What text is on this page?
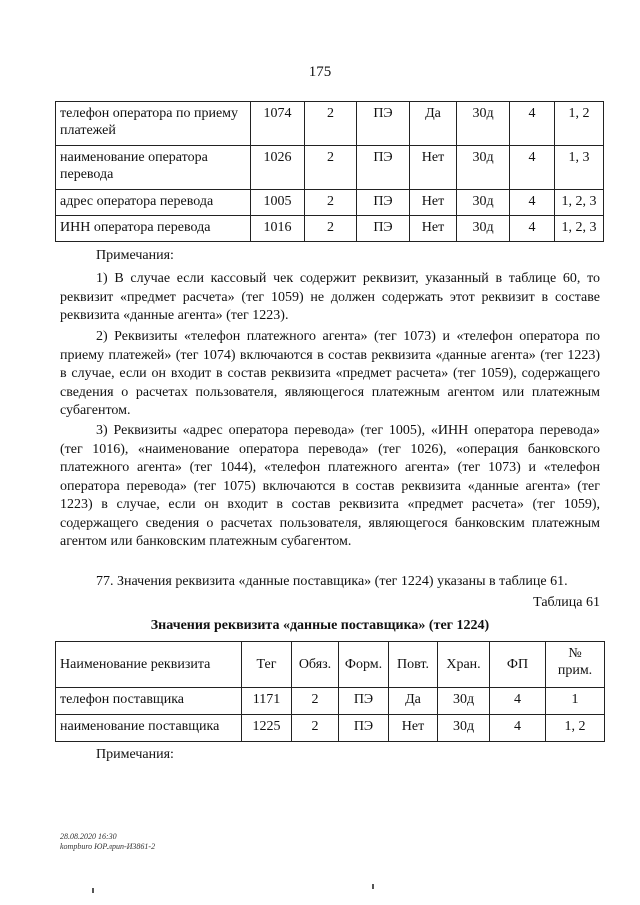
175
телефон оператора по приему платежей	1074	2	ПЭ	Да	30д	4	1, 2
наименование оператора перевода	1026	2	ПЭ	Нет	30д	4	1, 3
адрес оператора перевода	1005	2	ПЭ	Нет	30д	4	1, 2, 3
ИНН оператора перевода	1016	2	ПЭ	Нет	30д	4	1, 2, 3
Примечания:
1) В случае если кассовый чек содержит реквизит, указанный в таблице 60, то реквизит «предмет расчета» (тег 1059) не должен содержать этот реквизит в составе реквизита «данные агента» (тег 1223).
2) Реквизиты «телефон платежного агента» (тег 1073) и «телефон оператора по приему платежей» (тег 1074) включаются в состав реквизита «данные агента» (тег 1223) в случае, если он входит в состав реквизита «предмет расчета» (тег 1059), содержащего сведения о расчетах пользователя, являющегося платежным агентом или платежным субагентом.
3) Реквизиты «адрес оператора перевода» (тег 1005), «ИНН оператора перевода» (тег 1016), «наименование оператора перевода» (тег 1026), «операция банковского платежного агента» (тег 1044), «телефон платежного агента» (тег 1073) и «телефон оператора перевода» (тег 1075) включаются в состав реквизита «данные агента» (тег 1223) в случае, если он входит в состав реквизита «предмет расчета» (тег 1059), содержащего сведения о расчетах пользователя, являющегося банковским платежным агентом или банковским платежным субагентом.
77. Значения реквизита «данные поставщика» (тег 1224) указаны в таблице 61.
Таблица 61
Значения реквизита «данные поставщика» (тег 1224)
Наименование реквизита	Тег	Обяз.	Форм.	Повт.	Хран.	ФП	№
прим.

телефон поставщика	1171	2	ПЭ	Да	30д	4	1
наименование поставщика	1225	2	ПЭ	Нет	30д	4	1, 2
Примечания:
28.08.2020 16:30
kompburo ЮР.лрип-И3861-2
